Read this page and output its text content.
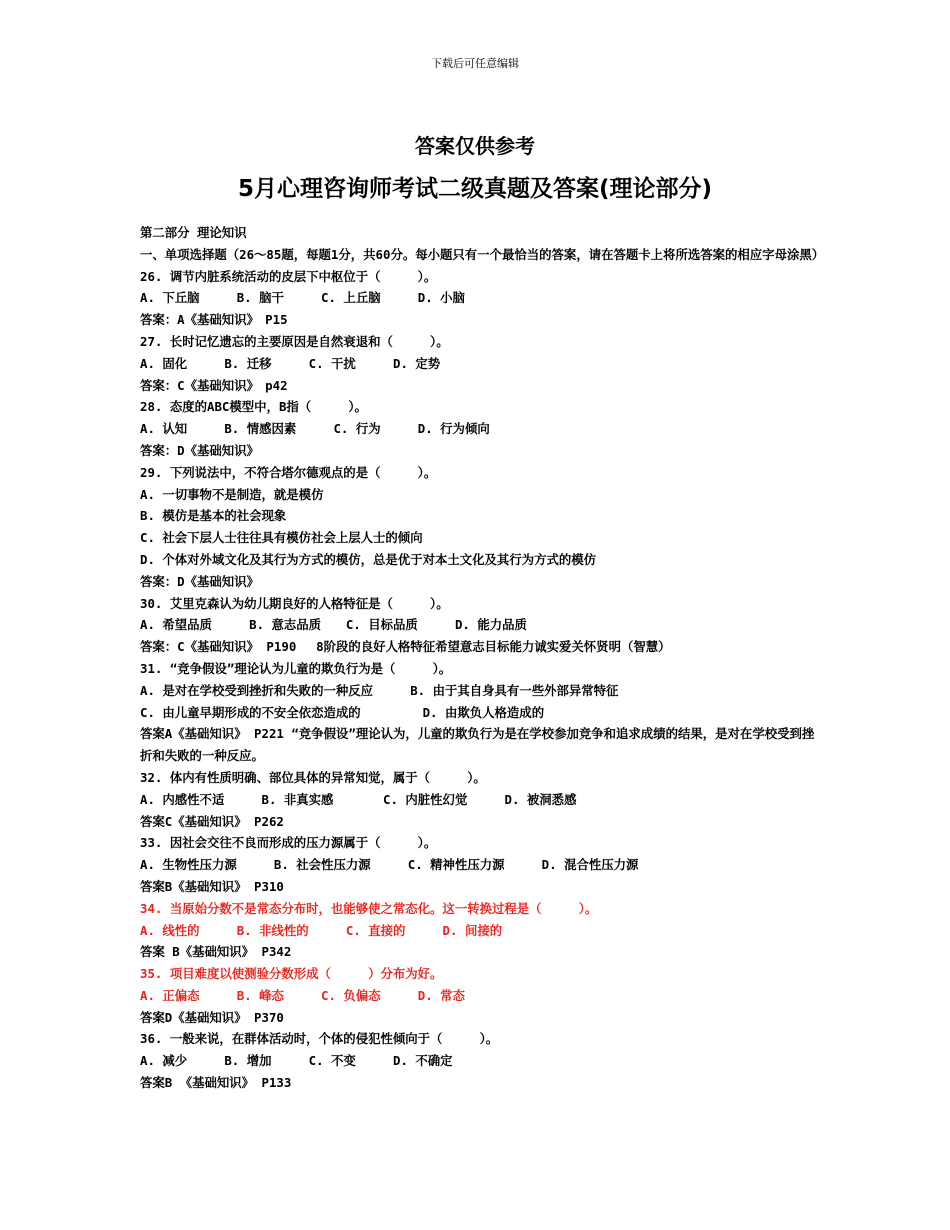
下载后可任意编辑
答案仅供参考
5月心理咨询师考试二级真题及答案(理论部分)
第二部分 理论知识
一、单项选择题（26～85题，每题1分，共60分。每小题只有一个最恰当的答案，请在答题卡上将所选答案的相应字母涂黑）
26. 调节内脏系统活动的皮层下中枢位于（　　　）。
A. 下丘脑　　　B. 脑干　　　C. 上丘脑　　　D. 小脑
答案：A《基础知识》　P15
27. 长时记忆遗忘的主要原因是自然衰退和（　　　）。
A. 固化　　　B. 迁移　　　C. 干扰　　　D. 定势
答案：C《基础知识》　p42
28. 态度的ABC模型中，B指（　　　）。
A. 认知　　　B. 情感因素　　　C. 行为　　　D. 行为倾向
答案：D《基础知识》
29. 下列说法中，不符合塔尔德观点的是（　　　）。
A. 一切事物不是制造，就是模仿
B. 模仿是基本的社会现象
C. 社会下层人士往往具有模仿社会上层人士的倾向
D. 个体对外域文化及其行为方式的模仿，总是优于对本土文化及其行为方式的模仿
答案：D《基础知识》
30. 艾里克森认为幼儿期良好的人格特征是（　　　）。
A. 希望品质　　　B. 意志品质　　C. 目标品质　　　D. 能力品质
答案：C《基础知识》 P190　 8阶段的良好人格特征希望意志目标能力诚实爱关怀贤明（智慧）
31. “竞争假设”理论认为儿童的欺负行为是（　　　）。
A. 是对在学校受到挫折和失败的一种反应　　　B. 由于其自身具有一些外部异常特征
C. 由儿童早期形成的不安全依恋造成的　　　　　D. 由欺负人格造成的
答案A《基础知识》 P221 “竞争假设”理论认为，儿童的欺负行为是在学校参加竞争和追求成绩的结果，是对在学校受到挫折和失败的一种反应。
32. 体内有性质明确、部位具体的异常知觉，属于（　　　）。
A. 内感性不适　　　B. 非真实感　　　　C. 内脏性幻觉　　　D. 被洞悉感
答案C《基础知识》 P262
33. 因社会交往不良而形成的压力源属于（　　　）。
A. 生物性压力源　　　B. 社会性压力源　　　C. 精神性压力源　　　D. 混合性压力源
答案B《基础知识》 P310
34. 当原始分数不是常态分布时，也能够使之常态化。这一转换过程是（　　　）。
A. 线性的　　　B. 非线性的　　　C. 直接的　　　D. 间接的
答案 B《基础知识》 P342
35. 项目难度以使测验分数形成（　　　）分布为好。
A. 正偏态　　　B. 峰态　　　C. 负偏态　　　D. 常态
答案D《基础知识》 P370
36. 一般来说，在群体活动时，个体的侵犯性倾向于（　　　）。
A. 减少　　　B. 增加　　　C. 不变　　　D. 不确定
答案B 《基础知识》 P133
